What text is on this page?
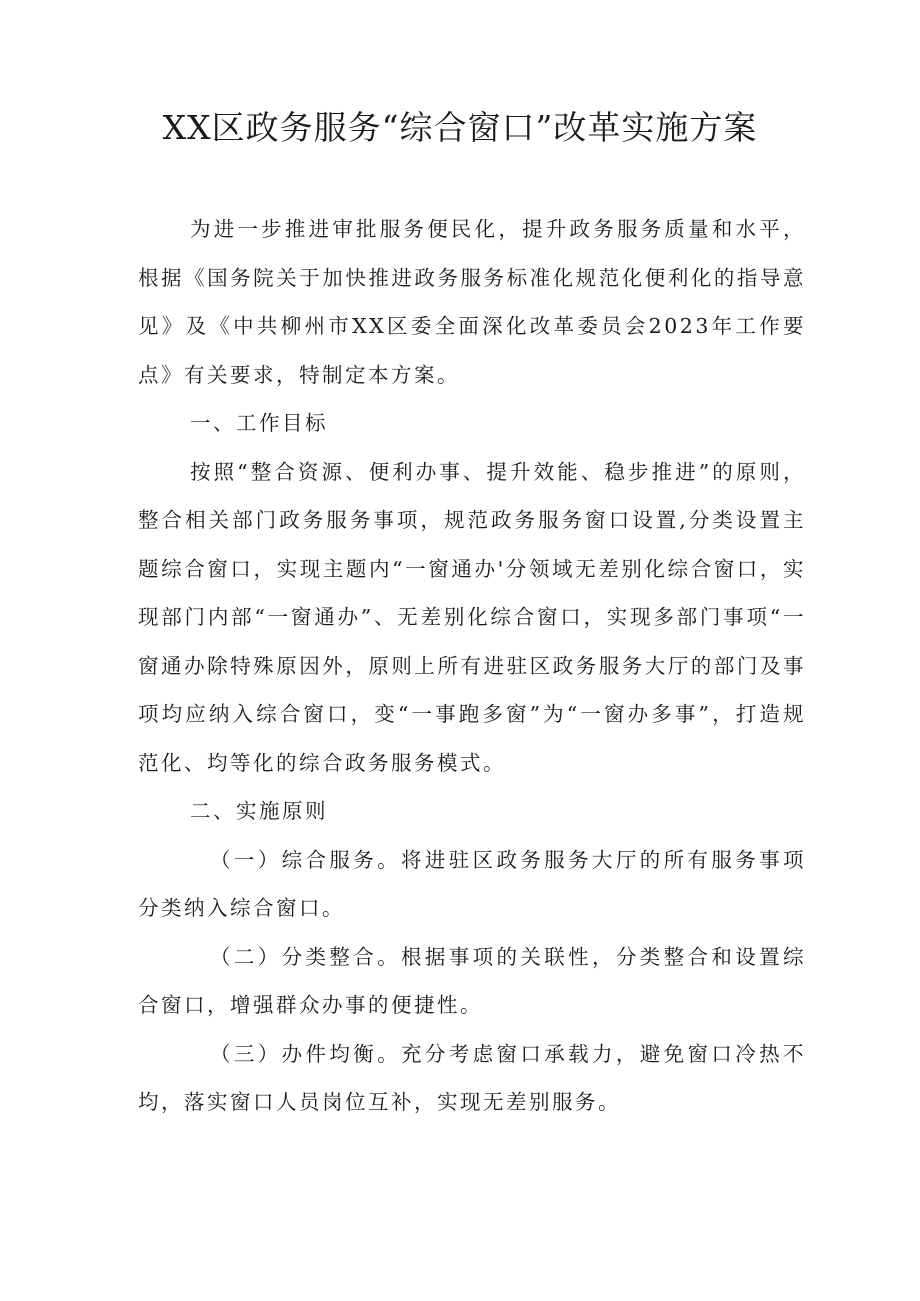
XX区政务服务“综合窗口”改革实施方案

为进一步推进审批服务便民化，提升政务服务质量和水平，根据《国务院关于加快推进政务服务标准化规范化便利化的指导意见》及《中共柳州市XX区委全面深化改革委员会2023年工作要点》有关要求，特制定本方案。

一、工作目标

按照“整合资源、便利办事、提升效能、稳步推进”的原则，整合相关部门政务服务事项，规范政务服务窗口设置,分类设置主题综合窗口，实现主题内“一窗通办'分领域无差别化综合窗口，实现部门内部“一窗通办”、无差别化综合窗口，实现多部门事项“一窗通办除特殊原因外，原则上所有进驻区政务服务大厅的部门及事项均应纳入综合窗口，变“一事跑多窗”为“一窗办多事”，打造规范化、均等化的综合政务服务模式。

二、实施原则

（一）综合服务。将进驻区政务服务大厅的所有服务事项分类纳入综合窗口。

（二）分类整合。根据事项的关联性，分类整合和设置综合窗口，增强群众办事的便捷性。

（三）办件均衡。充分考虑窗口承载力，避免窗口冷热不均，落实窗口人员岗位互补，实现无差别服务。
